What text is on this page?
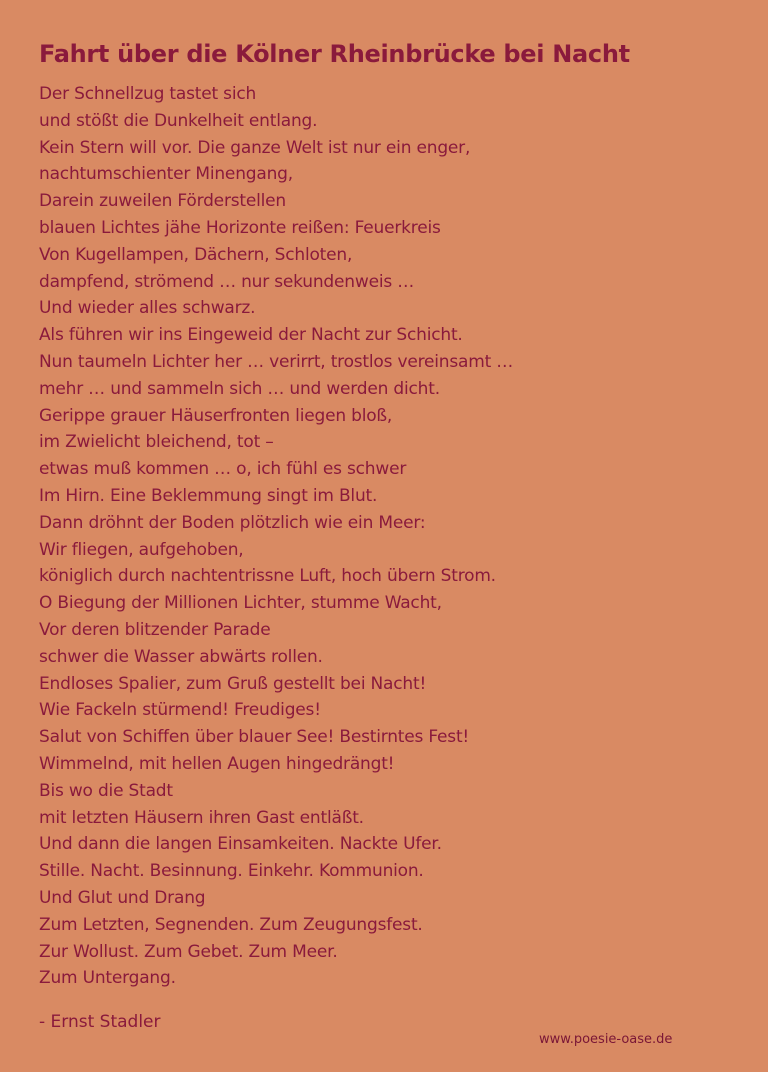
Fahrt über die Kölner Rheinbrücke bei Nacht
Der Schnellzug tastet sich
und stößt die Dunkelheit entlang.
Kein Stern will vor. Die ganze Welt ist nur ein enger,
nachtumschienter Minengang,
Darein zuweilen Förderstellen
blauen Lichtes jähe Horizonte reißen: Feuerkreis
Von Kugellampen, Dächern, Schloten,
dampfend, strömend … nur sekundenweis …
Und wieder alles schwarz.
Als führen wir ins Eingeweid der Nacht zur Schicht.
Nun taumeln Lichter her … verirrt, trostlos vereinsamt …
mehr … und sammeln sich … und werden dicht.
Gerippe grauer Häuserfronten liegen bloß,
im Zwielicht bleichend, tot –
etwas muß kommen … o, ich fühl es schwer
Im Hirn. Eine Beklemmung singt im Blut.
Dann dröhnt der Boden plötzlich wie ein Meer:
Wir fliegen, aufgehoben,
königlich durch nachtentrissne Luft, hoch übern Strom.
O Biegung der Millionen Lichter, stumme Wacht,
Vor deren blitzender Parade
schwer die Wasser abwärts rollen.
Endloses Spalier, zum Gruß gestellt bei Nacht!
Wie Fackeln stürmend! Freudiges!
Salut von Schiffen über blauer See! Bestirntes Fest!
Wimmelnd, mit hellen Augen hingedrängt!
Bis wo die Stadt
mit letzten Häusern ihren Gast entläßt.
Und dann die langen Einsamkeiten. Nackte Ufer.
Stille. Nacht. Besinnung. Einkehr. Kommunion.
Und Glut und Drang
Zum Letzten, Segnenden. Zum Zeugungsfest.
Zur Wollust. Zum Gebet. Zum Meer.
Zum Untergang.
- Ernst Stadler
www.poesie-oase.de
